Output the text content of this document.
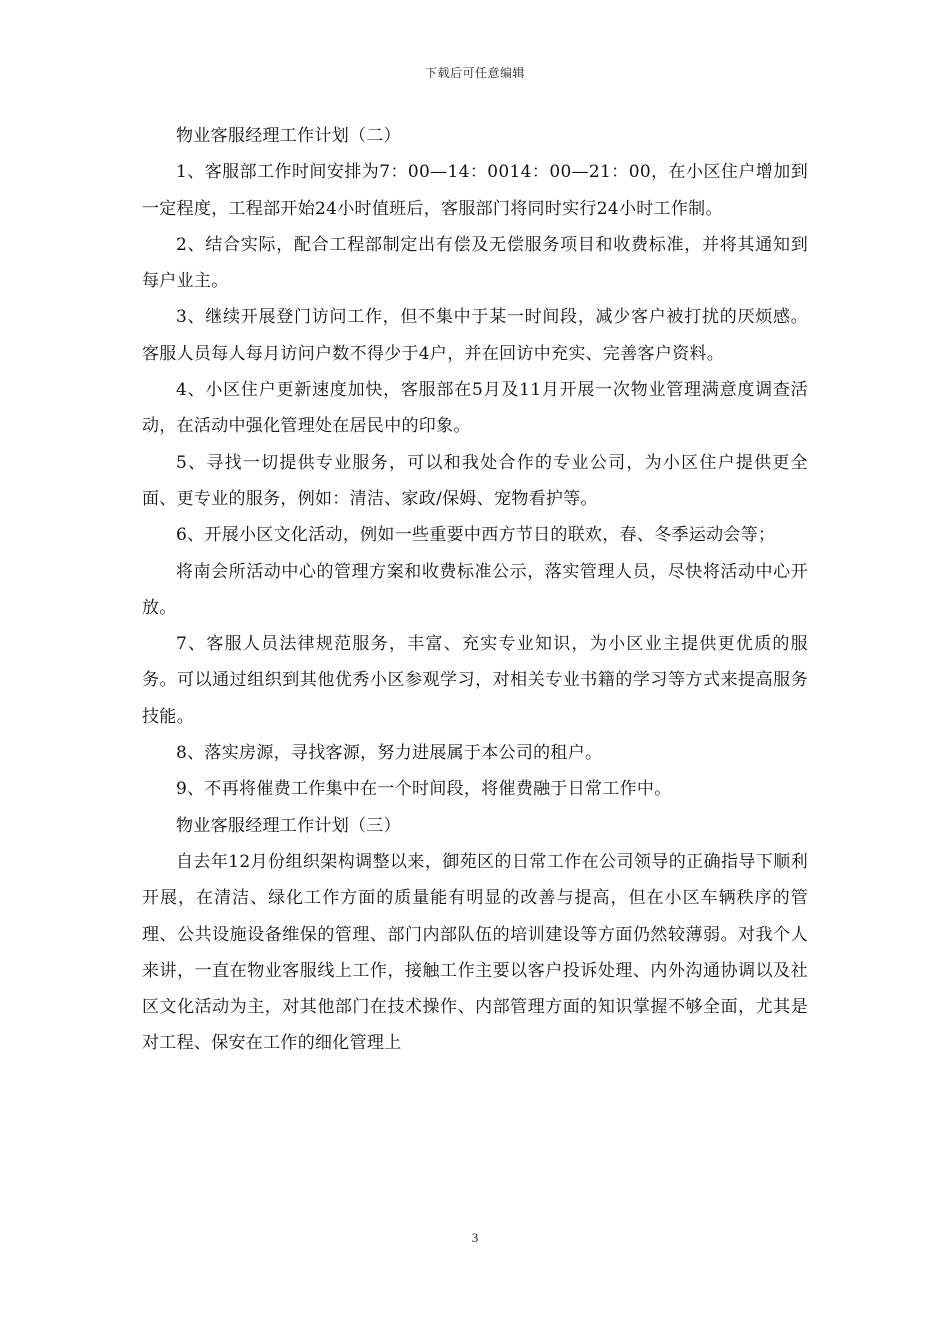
下载后可任意编辑

物业客服经理工作计划（二）

1、客服部工作时间安排为7：00—14：0014：00—21：00，在小区住户增加到一定程度，工程部开始24小时值班后，客服部门将同时实行24小时工作制。

2、结合实际，配合工程部制定出有偿及无偿服务项目和收费标准，并将其通知到每户业主。

3、继续开展登门访问工作，但不集中于某一时间段，减少客户被打扰的厌烦感。客服人员每人每月访问户数不得少于4户，并在回访中充实、完善客户资料。

4、小区住户更新速度加快，客服部在5月及11月开展一次物业管理满意度调查活动，在活动中强化管理处在居民中的印象。

5、寻找一切提供专业服务，可以和我处合作的专业公司，为小区住户提供更全面、更专业的服务，例如：清洁、家政/保姆、宠物看护等。

6、开展小区文化活动，例如一些重要中西方节日的联欢，春、冬季运动会等；

将南会所活动中心的管理方案和收费标准公示，落实管理人员，尽快将活动中心开放。

7、客服人员法律规范服务，丰富、充实专业知识，为小区业主提供更优质的服务。可以通过组织到其他优秀小区参观学习，对相关专业书籍的学习等方式来提高服务技能。

8、落实房源，寻找客源，努力进展属于本公司的租户。

9、不再将催费工作集中在一个时间段，将催费融于日常工作中。

物业客服经理工作计划（三）

自去年12月份组织架构调整以来，御苑区的日常工作在公司领导的正确指导下顺利开展，在清洁、绿化工作方面的质量能有明显的改善与提高，但在小区车辆秩序的管理、公共设施设备维保的管理、部门内部队伍的培训建设等方面仍然较薄弱。对我个人来讲，一直在物业客服线上工作，接触工作主要以客户投诉处理、内外沟通协调以及社区文化活动为主，对其他部门在技术操作、内部管理方面的知识掌握不够全面，尤其是对工程、保安在工作的细化管理上

3
